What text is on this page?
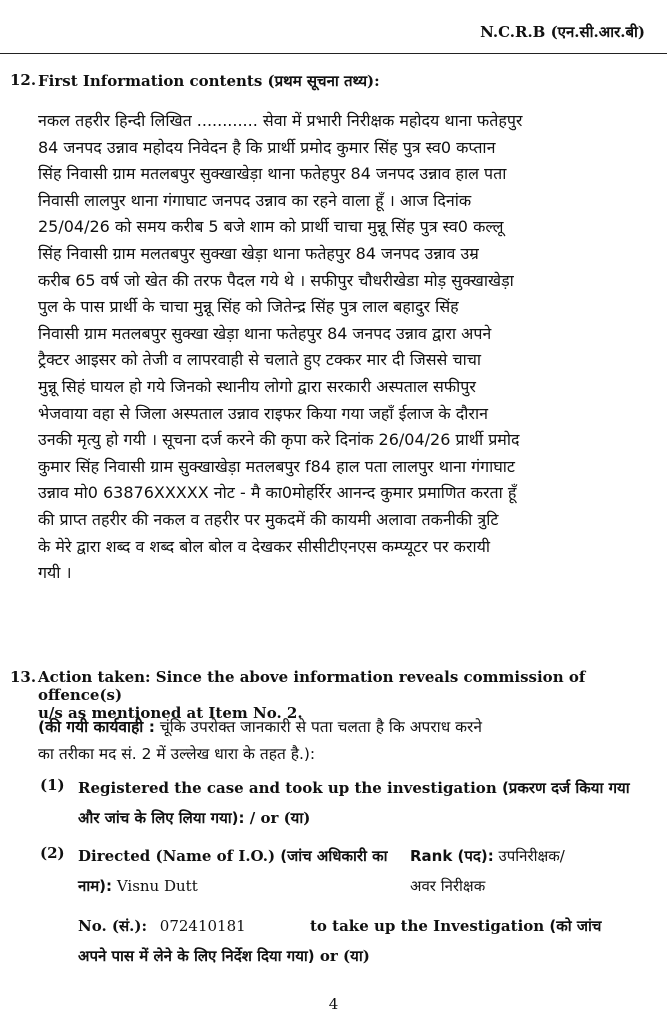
N.C.R.B (एन.सी.आर.बी)
12. First Information contents (प्रथम सूचना तथ्य):
नकल तहरीर हिन्दी लिखित ............ सेवा में प्रभारी निरीक्षक महोदय थाना फतेहपुर
84 जनपद उन्नाव महोदय निवेदन है कि प्रार्थी प्रमोद कुमार सिंह पुत्र स्व0 कप्तान
सिंह निवासी ग्राम मतलबपुर सुक्खाखेड़ा थाना फतेहपुर 84 जनपद उन्नाव हाल पता
निवासी लालपुर थाना गंगाघाट जनपद उन्नाव का रहने वाला हूँ । आज दिनांक
25/04/26 को समय करीब 5 बजे शाम को प्रार्थी चाचा मुन्नू सिंह पुत्र स्व0 कल्लू
सिंह निवासी ग्राम मलतबपुर सुक्खा खेड़ा थाना फतेहपुर 84 जनपद उन्नाव उम्र
करीब 65 वर्ष जो खेत की तरफ पैदल गये थे । सफीपुर चौधरीखेडा मोड़ सुक्खाखेड़ा
पुल के पास प्रार्थी के चाचा मुन्नू सिंह को जितेन्द्र सिंह पुत्र लाल बहादुर सिंह
निवासी ग्राम मतलबपुर सुक्खा खेड़ा थाना फतेहपुर 84 जनपद उन्नाव द्वारा अपने
ट्रैक्टर आइसर को तेजी व लापरवाही से चलाते हुए टक्कर मार दी जिससे चाचा
मुन्नू सिहं घायल हो गये जिनको स्थानीय लोगो द्वारा सरकारी अस्पताल सफीपुर
भेजवाया वहा से जिला अस्पताल उन्नाव राइफर किया गया जहाँ ईलाज के दौरान
उनकी मृत्यु हो गयी । सूचना दर्ज करने की कृपा करे दिनांक 26/04/26 प्रार्थी प्रमोद
कुमार सिंह निवासी ग्राम सुक्खाखेड़ा मतलबपुर f84 हाल पता लालपुर थाना गंगाघाट
उन्नाव मो0 63876XXXXX नोट - मै का0मोहर्रिर आनन्द कुमार प्रमाणित करता हूँ
की प्राप्त तहरीर की नकल व तहरीर पर मुकदमें की कायमी अलावा तकनीकी त्रुटि
के मेरे द्वारा शब्द व शब्द बोल बोल व देखकर सीसीटीएनएस कम्प्यूटर पर करायी
गयी ।
13. Action taken: Since the above information reveals commission of offence(s)
u/s as mentioned at Item No. 2.
(की गयी कार्यवाही : चूंकि उपरोक्त जानकारी से पता चलता है कि अपराध करने
का तरीका मद सं. 2 में उल्लेख धारा के तहत है.):
(1) Registered the case and took up the investigation (प्रकरण दर्ज किया गया
और जांच के लिए लिया गया): / or (या)
(2) Directed (Name of I.O.) (जांच अधिकारी का
नाम): Visnu Dutt
Rank (पद): उपनिरीक्षक/
अवर निरीक्षक
No. (सं.): 072410181	to take up the Investigation (को जांच
अपने पास में लेने के लिए निर्देश दिया गया) or (या)
4
